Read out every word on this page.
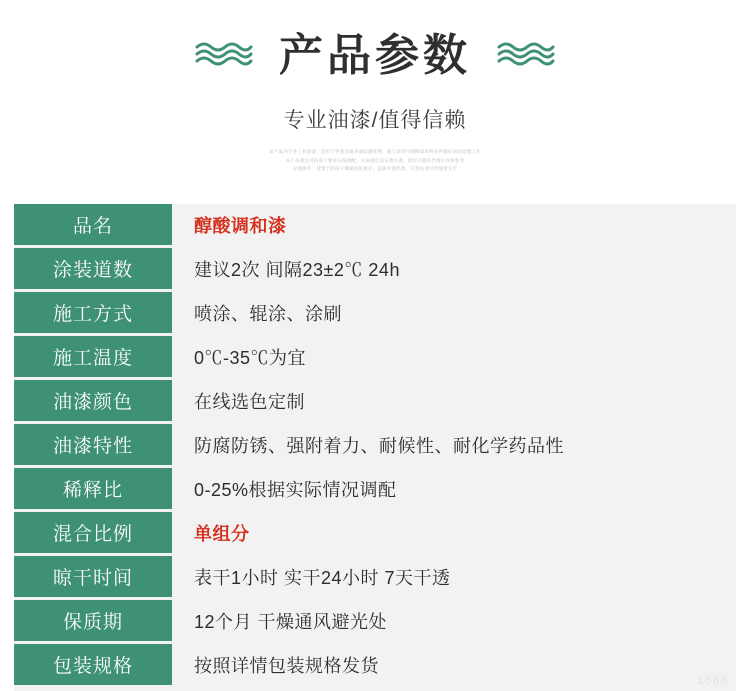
产品参数
专业油漆/值得信赖
该产品为专业工业油漆，适用于各类金属表面防腐处理，施工前请仔细阅读说明书并做好表面处理工作
本产品颜色可按客户要求在线调配，实际颜色以实物为准，因显示器差异图片仅供参考
存储条件：请置于阴凉干燥通风处保存，远离火源热源，开封后请尽快使用完毕
品名	醇酸调和漆
涂装道数	建议2次 间隔23±2℃ 24h
施工方式	喷涂、辊涂、涂刷
施工温度	0℃-35℃为宜
油漆颜色	在线选色定制
油漆特性	防腐防锈、强附着力、耐候性、耐化学药品性
稀释比	0-25%根据实际情况调配
混合比例	单组分
晾干时间	表干1小时 实干24小时 7天干透
保质期	12个月 干燥通风避光处
包装规格	按照详情包装规格发货
1688
